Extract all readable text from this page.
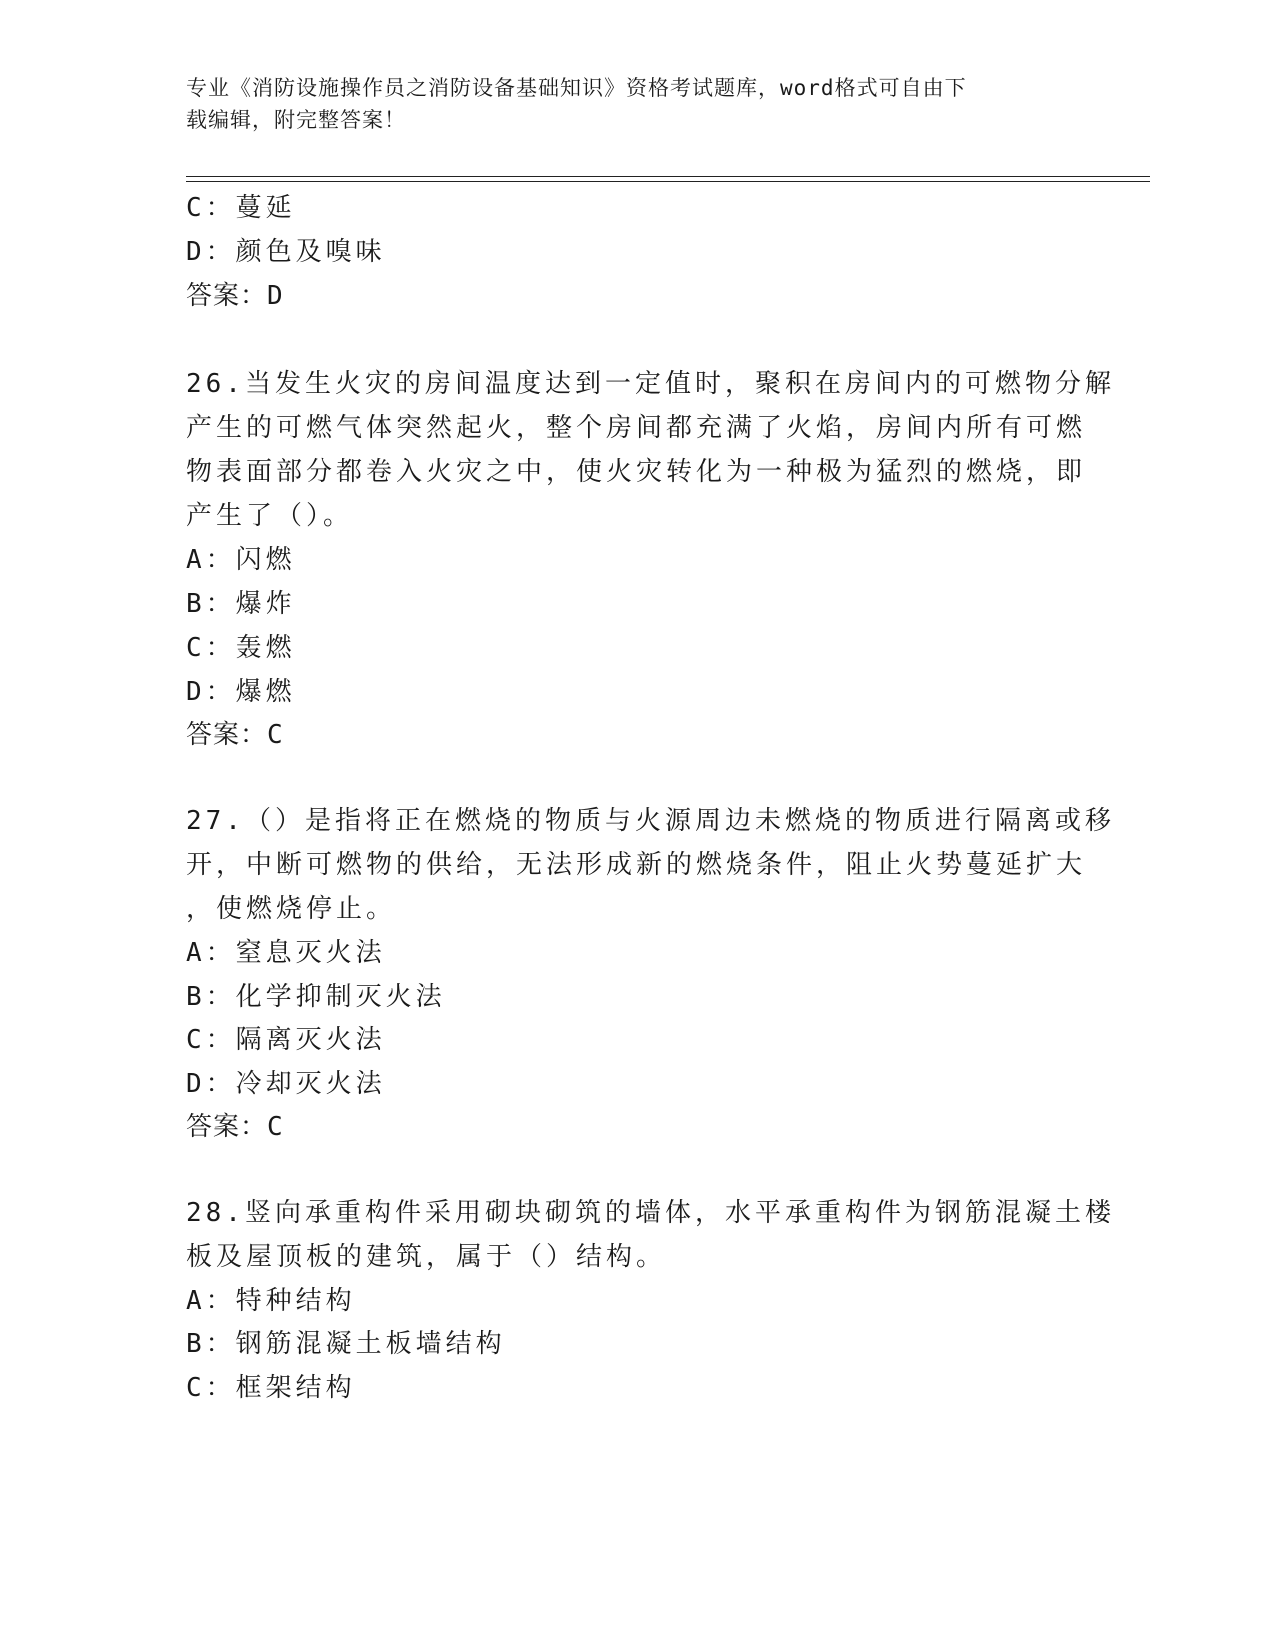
专业《消防设施操作员之消防设备基础知识》资格考试题库，word格式可自由下
载编辑，附完整答案！
C：蔓延
D：颜色及嗅味
答案：D
26.当发生火灾的房间温度达到一定值时，聚积在房间内的可燃物分解
产生的可燃气体突然起火，整个房间都充满了火焰，房间内所有可燃
物表面部分都卷入火灾之中，使火灾转化为一种极为猛烈的燃烧，即
产生了（）。
A：闪燃
B：爆炸
C：轰燃
D：爆燃
答案：C
27.（）是指将正在燃烧的物质与火源周边未燃烧的物质进行隔离或移
开，中断可燃物的供给，无法形成新的燃烧条件，阻止火势蔓延扩大
，使燃烧停止。
A：窒息灭火法
B：化学抑制灭火法
C：隔离灭火法
D：冷却灭火法
答案：C
28.竖向承重构件采用砌块砌筑的墙体，水平承重构件为钢筋混凝土楼
板及屋顶板的建筑，属于（）结构。
A：特种结构
B：钢筋混凝土板墙结构
C：框架结构
